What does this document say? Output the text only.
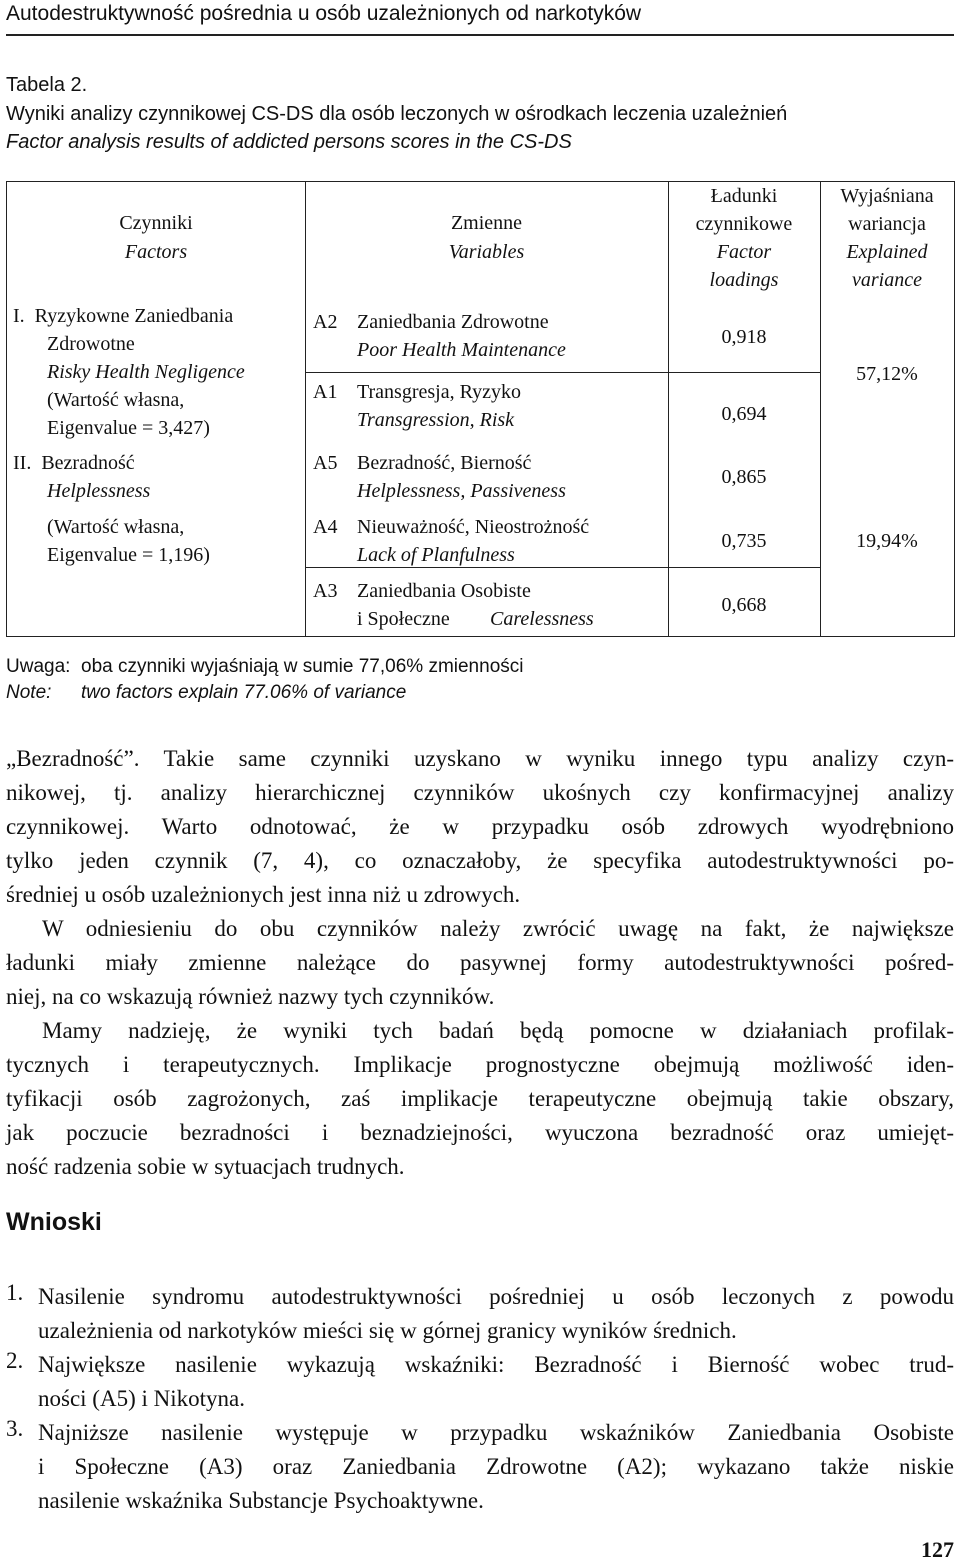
Autodestruktywność pośrednia u osób uzależnionych od narkotyków
Tabela 2.
Wyniki analizy czynnikowej CS-DS dla osób leczonych w ośrodkach leczenia uzależnień
Factor analysis results of addicted persons scores in the CS-DS
Czynniki
Factors
Zmienne
Variables
Ładunki
czynnikowe
Factor
loadings
Wyjaśniana
wariancja
Explained
variance
I.  Ryzykowne Zaniedbania
Zdrowotne
Risky Health Negligence
(Wartość własna,
Eigenvalue = 3,427)
II.  Bezradność
Helplessness
(Wartość własna,
Eigenvalue = 1,196)
A2 Zaniedbania Zdrowotne
Poor Health Maintenance
A1 Transgresja, Ryzyko
Transgression, Risk
A5 Bezradność, Bierność
Helplessness, Passiveness
A4 Nieuważność, Nieostrożność
Lack of Planfulness
A3 Zaniedbania Osobiste
i Społeczne Carelessness
0,918
0,694
0,865
0,735
0,668
57,12%
19,94%
Uwaga: oba czynniki wyjaśniają w sumie 77,06% zmienności
Note: two factors explain 77.06% of variance
„Bezradność”. Takie same czynniki uzyskano w wyniku innego typu analizy czyn-
nikowej, tj. analizy hierarchicznej czynników ukośnych czy konfirmacyjnej analizy
czynnikowej. Warto odnotować, że w przypadku osób zdrowych wyodrębniono
tylko jeden czynnik (7, 4), co oznaczałoby, że specyfika autodestruktywności po-
średniej u osób uzależnionych jest inna niż u zdrowych.
W odniesieniu do obu czynników należy zwrócić uwagę na fakt, że największe
ładunki miały zmienne należące do pasywnej formy autodestruktywności pośred-
niej, na co wskazują również nazwy tych czynników.
Mamy nadzieję, że wyniki tych badań będą pomocne w działaniach profilak-
tycznych i terapeutycznych. Implikacje prognostyczne obejmują możliwość iden-
tyfikacji osób zagrożonych, zaś implikacje terapeutyczne obejmują takie obszary,
jak poczucie bezradności i beznadziejności, wyuczona bezradność oraz umiejęt-
ność radzenia sobie w sytuacjach trudnych.
Wnioski
1. Nasilenie syndromu autodestruktywności pośredniej u osób leczonych z powodu
uzależnienia od narkotyków mieści się w górnej granicy wyników średnich.
2. Największe nasilenie wykazują wskaźniki: Bezradność i Bierność wobec trud-
ności (A5) i Nikotyna.
3. Najniższe nasilenie występuje w przypadku wskaźników Zaniedbania Osobiste
i Społeczne (A3) oraz Zaniedbania Zdrowotne (A2); wykazano także niskie
nasilenie wskaźnika Substancje Psychoaktywne.
127
